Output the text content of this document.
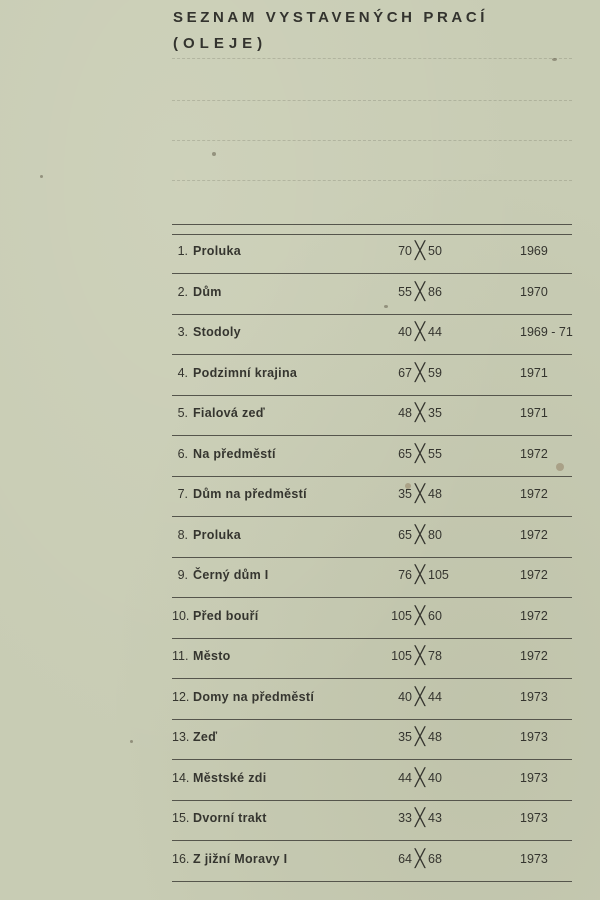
SEZNAM VYSTAVENÝCH PRACÍ
(OLEJE)
1. Proluka	70 ╳ 50	1969
2. Dům	55 ╳ 86	1970
3. Stodoly	40 ╳ 44	1969 - 71
4. Podzimní krajina	67 ╳ 59	1971
5. Fialová zeď	48 ╳ 35	1971
6. Na předměstí	65 ╳ 55	1972
7. Dům na předměstí	35 ╳ 48	1972
8. Proluka	65 ╳ 80	1972
9. Černý dům I	76 ╳ 105	1972
10. Před bouří	105 ╳ 60	1972
11. Město	105 ╳ 78	1972
12. Domy na předměstí	40 ╳ 44	1973
13. Zeď	35 ╳ 48	1973
14. Městské zdi	44 ╳ 40	1973
15. Dvorní trakt	33 ╳ 43	1973
16. Z jižní Moravy I	64 ╳ 68	1973
